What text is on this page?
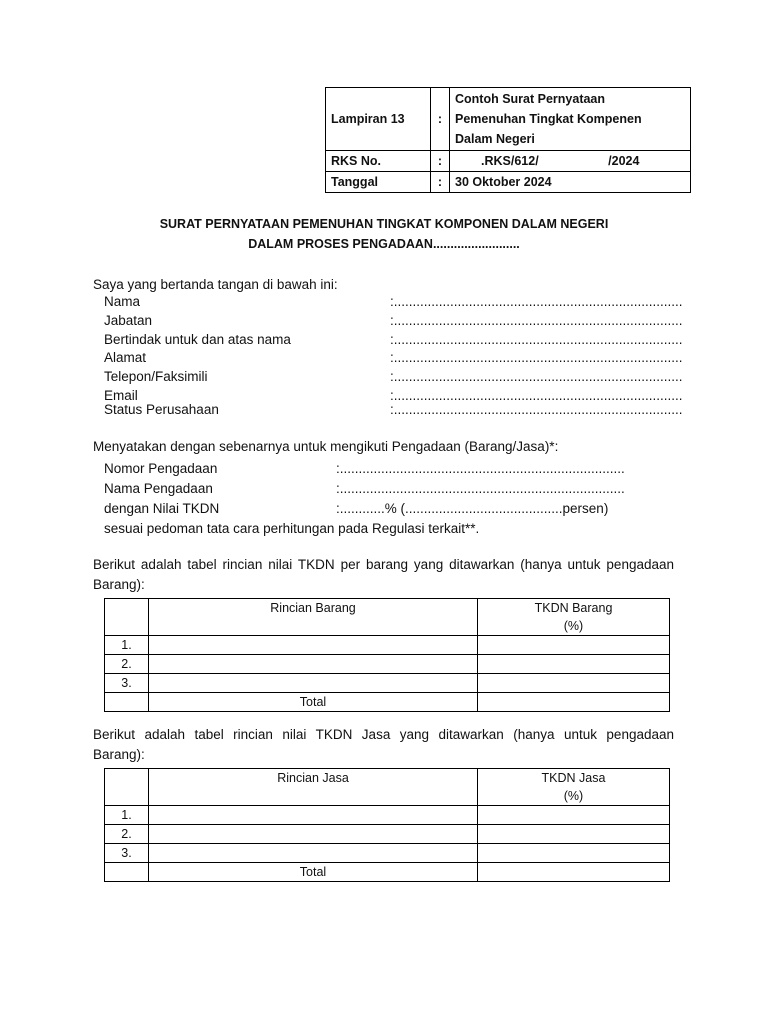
Lampiran 13	:	Contoh Surat Pernyataan
Pemenuhan Tingkat Kompenen
Dalam Negeri

RKS No.	:	.RKS/612/ /2024
Tanggal	:	30 Oktober 2024
SURAT PERNYATAAN PEMENUHAN TINGKAT KOMPONEN DALAM NEGERI
DALAM PROSES PENGADAAN.........................
Saya yang bertanda tangan di bawah ini:
Nama	:.............................................................................
Jabatan	:.............................................................................
Bertindak untuk dan atas nama	:.............................................................................
Alamat	:.............................................................................
Telepon/Faksimili	:.............................................................................
Email	:.............................................................................
Status Perusahaan	:.............................................................................
Menyatakan dengan sebenarnya untuk mengikuti Pengadaan (Barang/Jasa)*:
Nomor Pengadaan	:............................................................................
Nama Pengadaan	:............................................................................
dengan Nilai TKDN	:............% (..........................................persen)
sesuai pedoman tata cara perhitungan pada Regulasi terkait**.
Berikut adalah tabel rincian nilai TKDN per barang yang ditawarkan (hanya untuk pengadaan
Barang):
	Rincian Barang	TKDN Barang
(%)

1.		
2.		
3.		
	Total	
Berikut adalah tabel rincian nilai TKDN Jasa yang ditawarkan (hanya untuk pengadaan
Barang):
	Rincian Jasa	TKDN Jasa
(%)

1.		
2.		
3.		
	Total	
